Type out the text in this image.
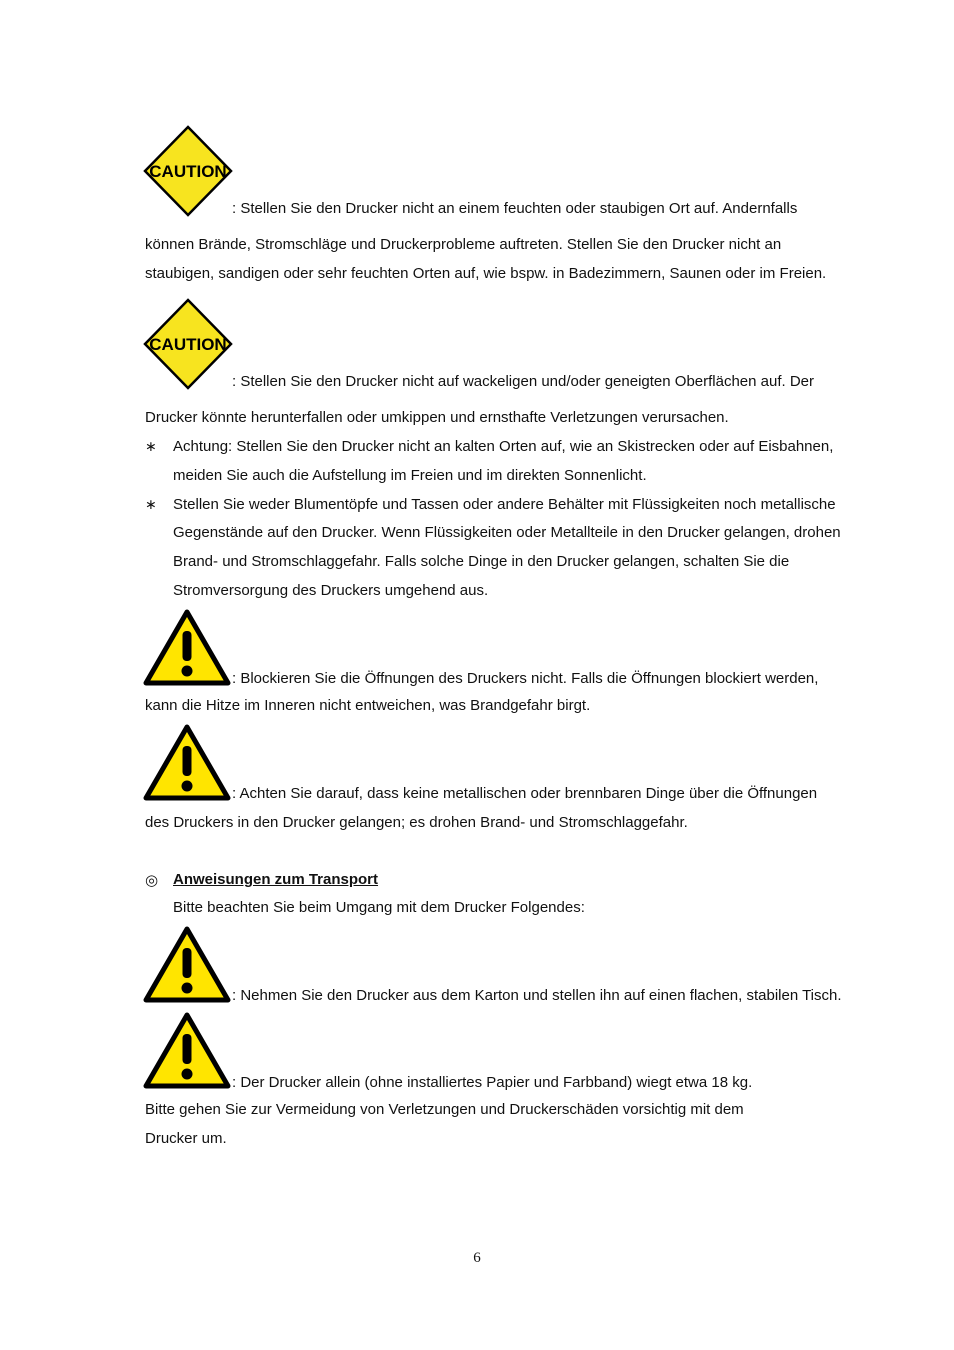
CAUTION
: Stellen Sie den Drucker nicht an einem feuchten oder staubigen Ort auf. Andernfalls
können Brände, Stromschläge und Druckerprobleme auftreten. Stellen Sie den Drucker nicht an
staubigen, sandigen oder sehr feuchten Orten auf, wie bspw. in Badezimmern, Saunen oder im Freien.
CAUTION
: Stellen Sie den Drucker nicht auf wackeligen und/oder geneigten Oberflächen auf. Der
Drucker könnte herunterfallen oder umkippen und ernsthafte Verletzungen verursachen.
∗ Achtung: Stellen Sie den Drucker nicht an kalten Orten auf, wie an Skistrecken oder auf Eisbahnen,
meiden Sie auch die Aufstellung im Freien und im direkten Sonnenlicht.
∗ Stellen Sie weder Blumentöpfe und Tassen oder andere Behälter mit Flüssigkeiten noch metallische
Gegenstände auf den Drucker. Wenn Flüssigkeiten oder Metallteile in den Drucker gelangen, drohen
Brand- und Stromschlaggefahr. Falls solche Dinge in den Drucker gelangen, schalten Sie die
Stromversorgung des Druckers umgehend aus.
: Blockieren Sie die Öffnungen des Druckers nicht. Falls die Öffnungen blockiert werden,
kann die Hitze im Inneren nicht entweichen, was Brandgefahr birgt.
: Achten Sie darauf, dass keine metallischen oder brennbaren Dinge über die Öffnungen
des Druckers in den Drucker gelangen; es drohen Brand- und Stromschlaggefahr.
◎ Anweisungen zum Transport
Bitte beachten Sie beim Umgang mit dem Drucker Folgendes:
: Nehmen Sie den Drucker aus dem Karton und stellen ihn auf einen flachen, stabilen Tisch.
: Der Drucker allein (ohne installiertes Papier und Farbband) wiegt etwa 18 kg.
Bitte gehen Sie zur Vermeidung von Verletzungen und Druckerschäden vorsichtig mit dem
Drucker um.
6
